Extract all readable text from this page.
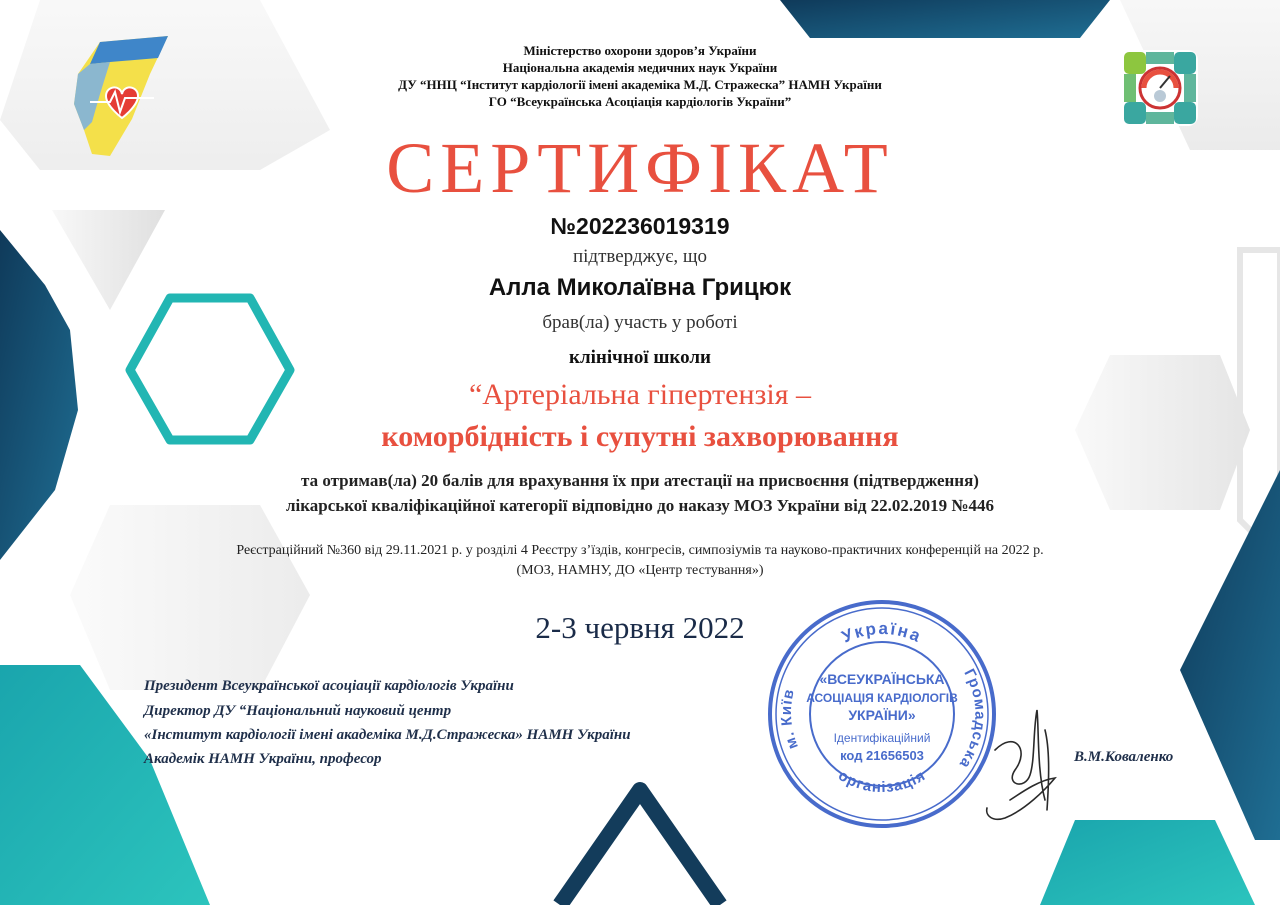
Міністерство охорони здоров’я України
Національна академія медичних наук України
ДУ “ННЦ “Інститут кардіології імені академіка М.Д. Стражеска” НАМН України
ГО “Всеукраїнська Асоціація кардіологів України”
СЕРТИФІКАТ
№202236019319
підтверджує, що
Алла Миколаївна Грицюк
брав(ла) участь у роботі
клінічної школи
“Артеріальна гіпертензія –
коморбідність і супутні захворювання
та отримав(ла) 20 балів для врахування їх при атестації на присвоєння (підтвердження)
лікарської кваліфікаційної категорії відповідно до наказу МОЗ України від 22.02.2019 №446
Реєстраційний №360 від 29.11.2021 р. у розділі 4 Реєстру з’їздів, конгресів, симпозіумів та науково-практичних конференцій на 2022 р.
(МОЗ, НАМНУ, ДО «Центр тестування»)
2-3 червня 2022
Президент Всеукраїнської асоціації кардіологів України
Директор ДУ “Національний науковий центр
«Інститут кардіології імені академіка М.Д.Стражеска» НАМН України
Академік НАМН України, професор	В.М.Коваленко
Україна
м. Київ
Громадська
організація
«ВСЕУКРАЇНСЬКА
АСОЦІАЦІЯ КАРДІОЛОГІВ
УКРАЇНИ»
Ідентифікаційний
код 21656503
